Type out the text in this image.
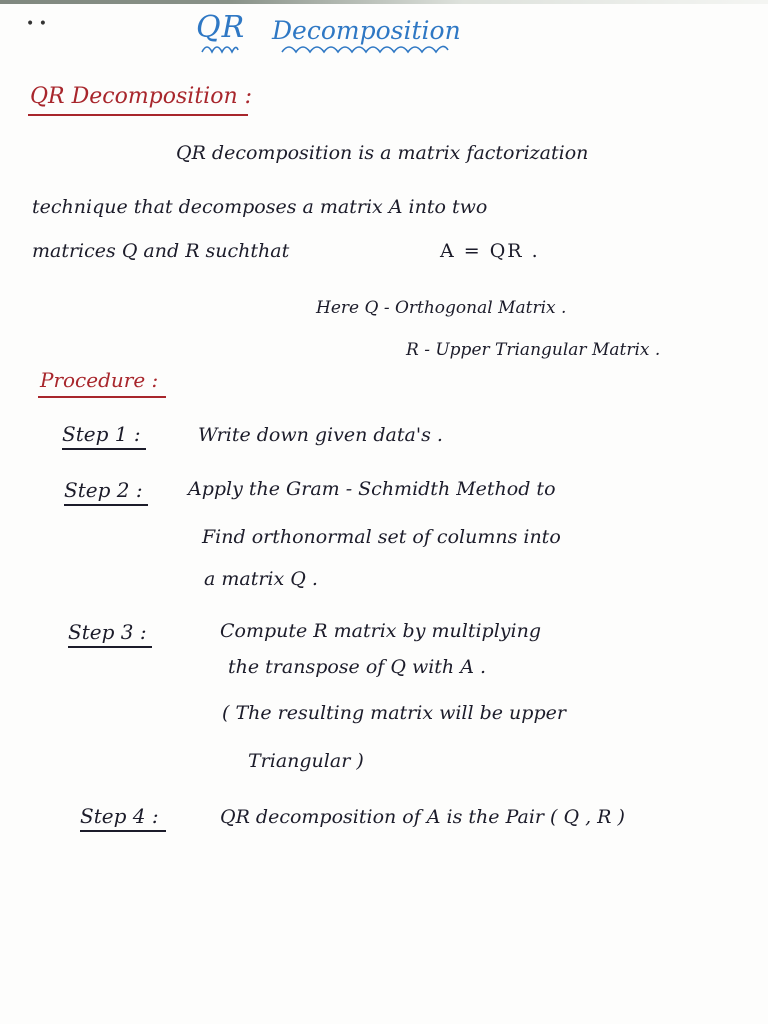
• •	QR Decomposition
QR Decomposition :
QR decomposition is a matrix factorization
technique that decomposes a matrix A into two
matrices Q and R suchthat	A = QR .
Here Q - Orthogonal Matrix .
R - Upper Triangular Matrix .
Procedure :
Step 1 :	Write down given data's .
Step 2 : Apply the Gram - Schmidth Method to
Find orthonormal set of columns into
a matrix Q .
Step 3 :	Compute R matrix by multiplying
the transpose of Q with A .
( The resulting matrix will be upper
Triangular )
Step 4 :	QR decomposition of A is the Pair ( Q , R )
